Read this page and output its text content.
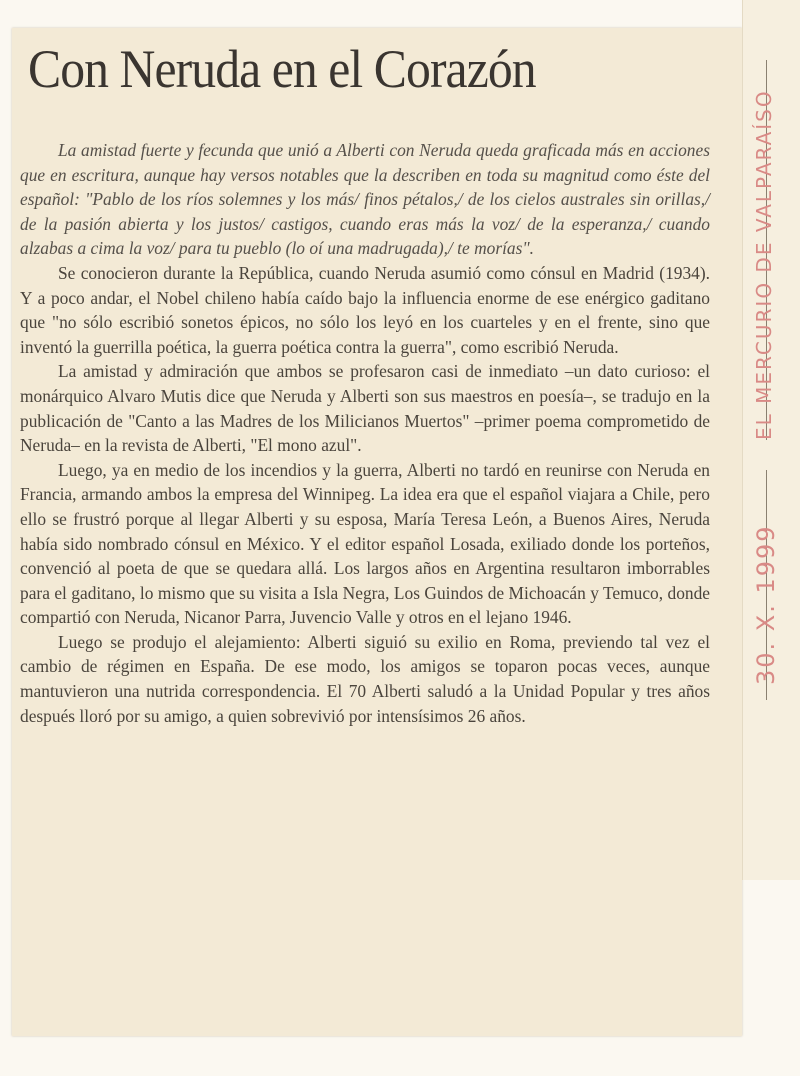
Con Neruda en el Corazón

La amistad fuerte y fecunda que unió a Alberti con Neruda queda graficada más en acciones que en escritura, aunque hay versos notables que la describen en toda su magnitud como éste del español: "Pablo de los ríos solemnes y los más/ finos pétalos,/ de los cielos australes sin orillas,/ de la pasión abierta y los justos/ castigos, cuando eras más la voz/ de la esperanza,/ cuando alzabas a cima la voz/ para tu pueblo (lo oí una madrugada),/ te morías".

Se conocieron durante la República, cuando Neruda asumió como cónsul en Madrid (1934). Y a poco andar, el Nobel chileno había caído bajo la influencia enorme de ese enérgico gaditano que "no sólo escribió sonetos épicos, no sólo los leyó en los cuarteles y en el frente, sino que inventó la guerrilla poética, la guerra poética contra la guerra", como escribió Neruda.

La amistad y admiración que ambos se profesaron casi de inmediato –un dato curioso: el monárquico Alvaro Mutis dice que Neruda y Alberti son sus maestros en poesía–, se tradujo en la publicación de "Canto a las Madres de los Milicianos Muertos" –primer poema comprometido de Neruda– en la revista de Alberti, "El mono azul".

Luego, ya en medio de los incendios y la guerra, Alberti no tardó en reunirse con Neruda en Francia, armando ambos la empresa del Winnipeg. La idea era que el español viajara a Chile, pero ello se frustró porque al llegar Alberti y su esposa, María Teresa León, a Buenos Aires, Neruda había sido nombrado cónsul en México. Y el editor español Losada, exiliado donde los porteños, convenció al poeta de que se quedara allá. Los largos años en Argentina resultaron imborrables para el gaditano, lo mismo que su visita a Isla Negra, Los Guindos de Michoacán y Temuco, donde compartió con Neruda, Nicanor Parra, Juvencio Valle y otros en el lejano 1946.

Luego se produjo el alejamiento: Alberti siguió su exilio en Roma, previendo tal vez el cambio de régimen en España. De ese modo, los amigos se toparon pocas veces, aunque mantuvieron una nutrida correspondencia. El 70 Alberti saludó a la Unidad Popular y tres años después lloró por su amigo, a quien sobrevivió por intensísimos 26 años.

EL MERCURIO DE VALPARAÍSO
30. X. 1999
